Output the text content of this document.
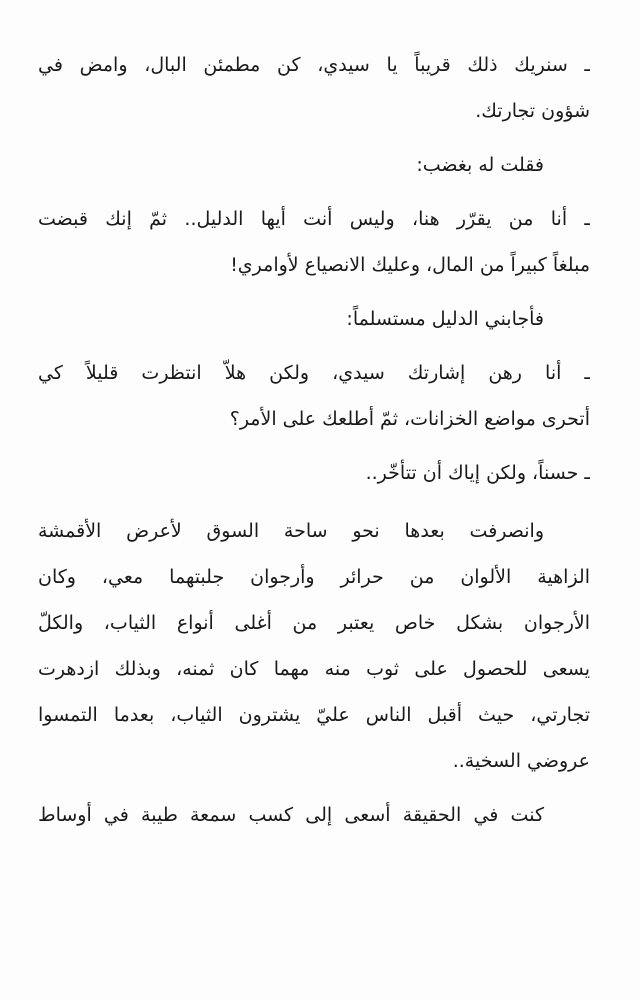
ـ سنريك ذلك قريباً يا سيدي، كن مطمئن البال، وامض في
شؤون تجارتك.
فقلت له بغضب:
ـ أنا من يقرّر هنا، وليس أنت أيها الدليل.. ثمّ إنك قبضت
مبلغاً كبيراً من المال، وعليك الانصياع لأوامري!
فأجابني الدليل مستسلماً:
ـ أنا رهن إشارتك سيدي، ولكن هلاّ انتظرت قليلاً كي
أتحرى مواضع الخزانات، ثمّ أطلعك على الأمر؟
ـ حسناً، ولكن إياك أن تتأخّر..
وانصرفت بعدها نحو ساحة السوق لأعرض الأقمشة
الزاهية الألوان من حرائر وأرجوان جلبتهما معي، وكان
الأرجوان بشكل خاص يعتبر من أغلى أنواع الثياب، والكلّ
يسعى للحصول على ثوب منه مهما كان ثمنه، وبذلك ازدهرت
تجارتي، حيث أقبل الناس عليّ يشترون الثياب، بعدما التمسوا
عروضي السخية..
كنت في الحقيقة أسعى إلى كسب سمعة طيبة في أوساط
